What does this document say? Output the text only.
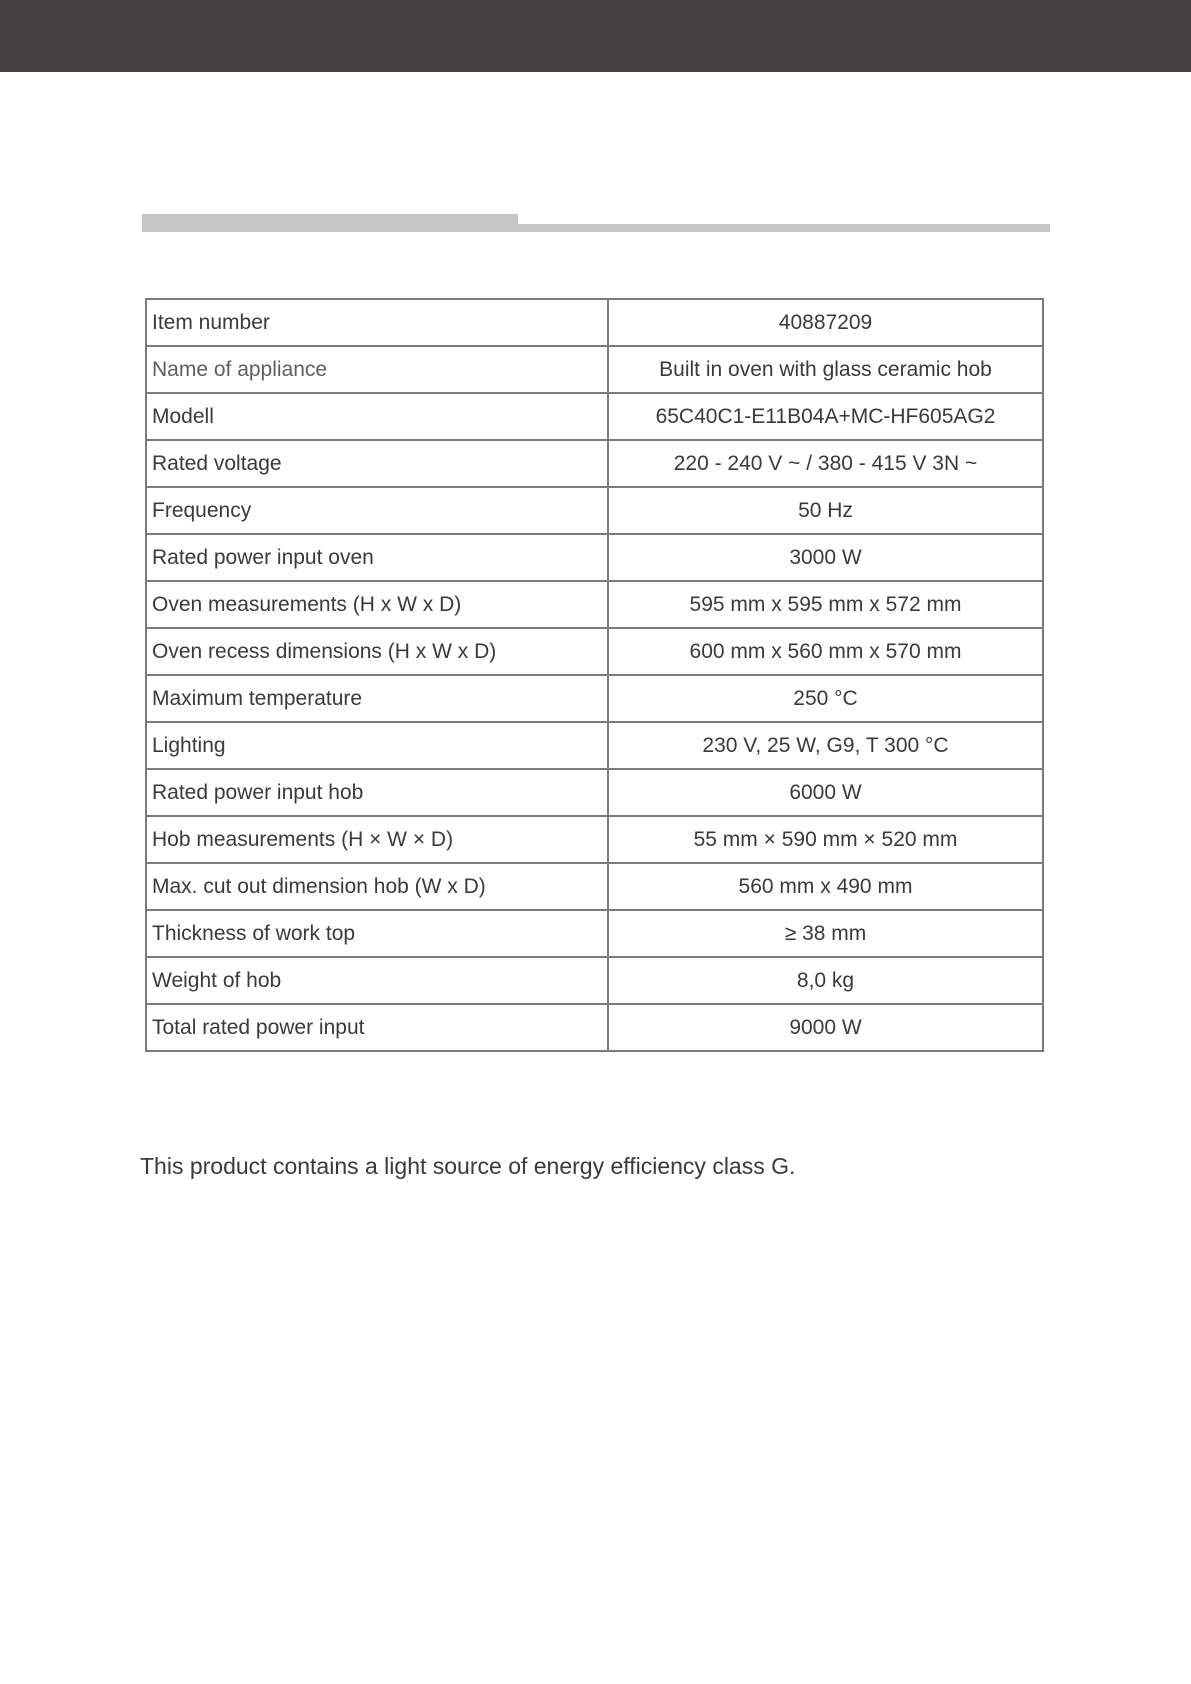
Item number	40887209
Name of appliance	Built in oven with glass ceramic hob
Modell	65C40C1-E11B04A+MC-HF605AG2
Rated voltage	220 - 240 V ~ / 380 - 415 V 3N ~
Frequency	50 Hz
Rated power input oven	3000 W
Oven measurements (H x W x D)	595 mm x 595 mm x 572 mm
Oven recess dimensions (H x W x D)	600 mm x 560 mm x 570 mm
Maximum temperature	250 °C
Lighting	230 V, 25 W, G9, T 300 °C
Rated power input hob	6000 W
Hob measurements (H × W × D)	55 mm × 590 mm × 520 mm
Max. cut out dimension hob (W x D)	560 mm x 490 mm
Thickness of work top	≥ 38 mm
Weight of hob	8,0 kg
Total rated power input	9000 W

This product contains a light source of energy efficiency class G.
